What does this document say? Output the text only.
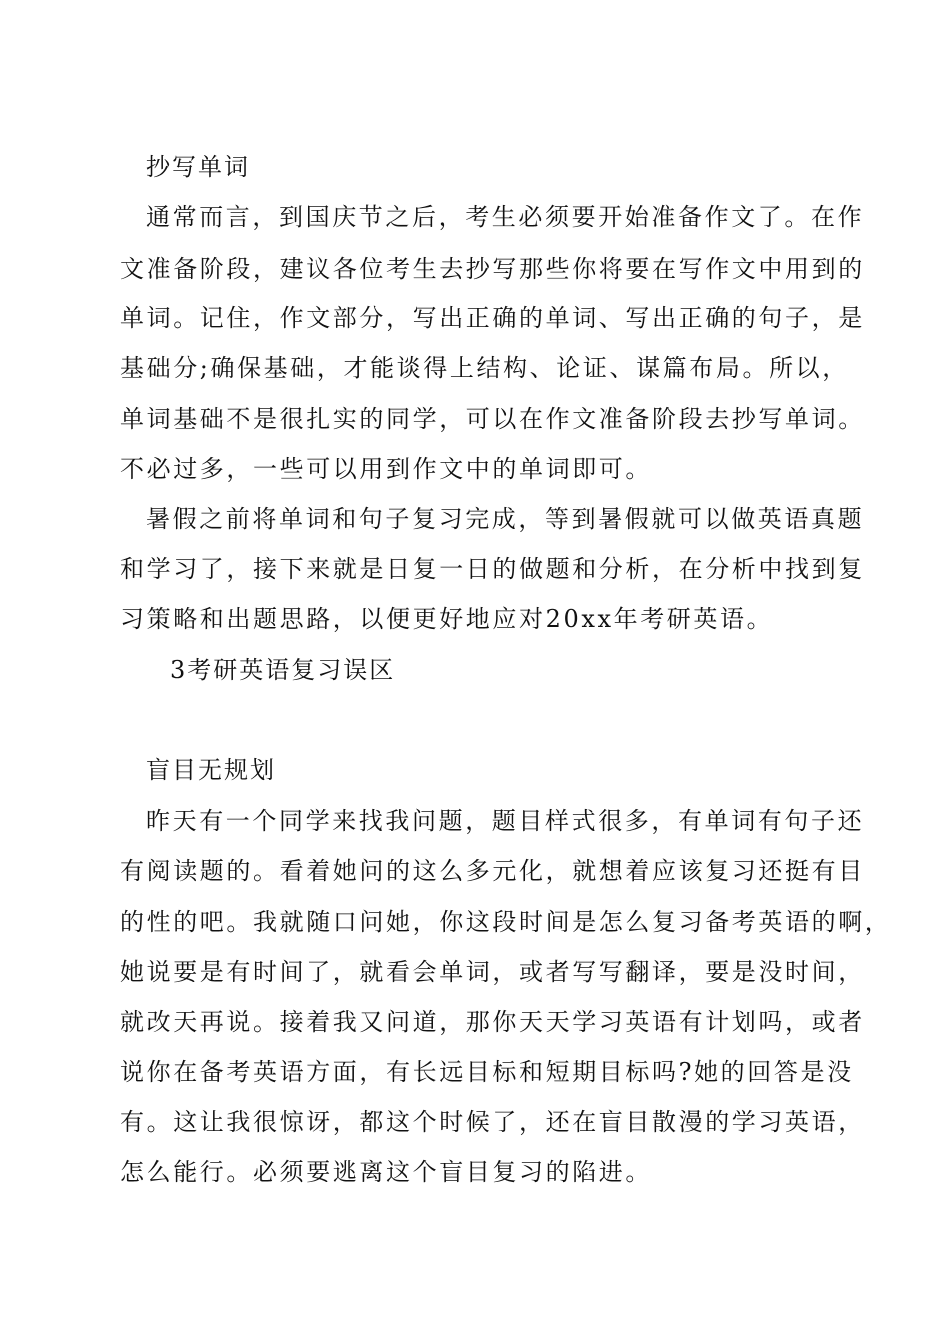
抄写单词
通常而言，到国庆节之后，考生必须要开始准备作文了。在作
文准备阶段，建议各位考生去抄写那些你将要在写作文中用到的
单词。记住，作文部分，写出正确的单词、写出正确的句子，是
基础分;确保基础，才能谈得上结构、论证、谋篇布局。所以，
单词基础不是很扎实的同学，可以在作文准备阶段去抄写单词。
不必过多，一些可以用到作文中的单词即可。
暑假之前将单词和句子复习完成，等到暑假就可以做英语真题
和学习了，接下来就是日复一日的做题和分析，在分析中找到复
习策略和出题思路，以便更好地应对20xx年考研英语。
3考研英语复习误区
盲目无规划
昨天有一个同学来找我问题，题目样式很多，有单词有句子还
有阅读题的。看着她问的这么多元化，就想着应该复习还挺有目
的性的吧。我就随口问她，你这段时间是怎么复习备考英语的啊，
她说要是有时间了，就看会单词，或者写写翻译，要是没时间，
就改天再说。接着我又问道，那你天天学习英语有计划吗，或者
说你在备考英语方面，有长远目标和短期目标吗?她的回答是没
有。这让我很惊讶，都这个时候了，还在盲目散漫的学习英语，
怎么能行。必须要逃离这个盲目复习的陷进。
